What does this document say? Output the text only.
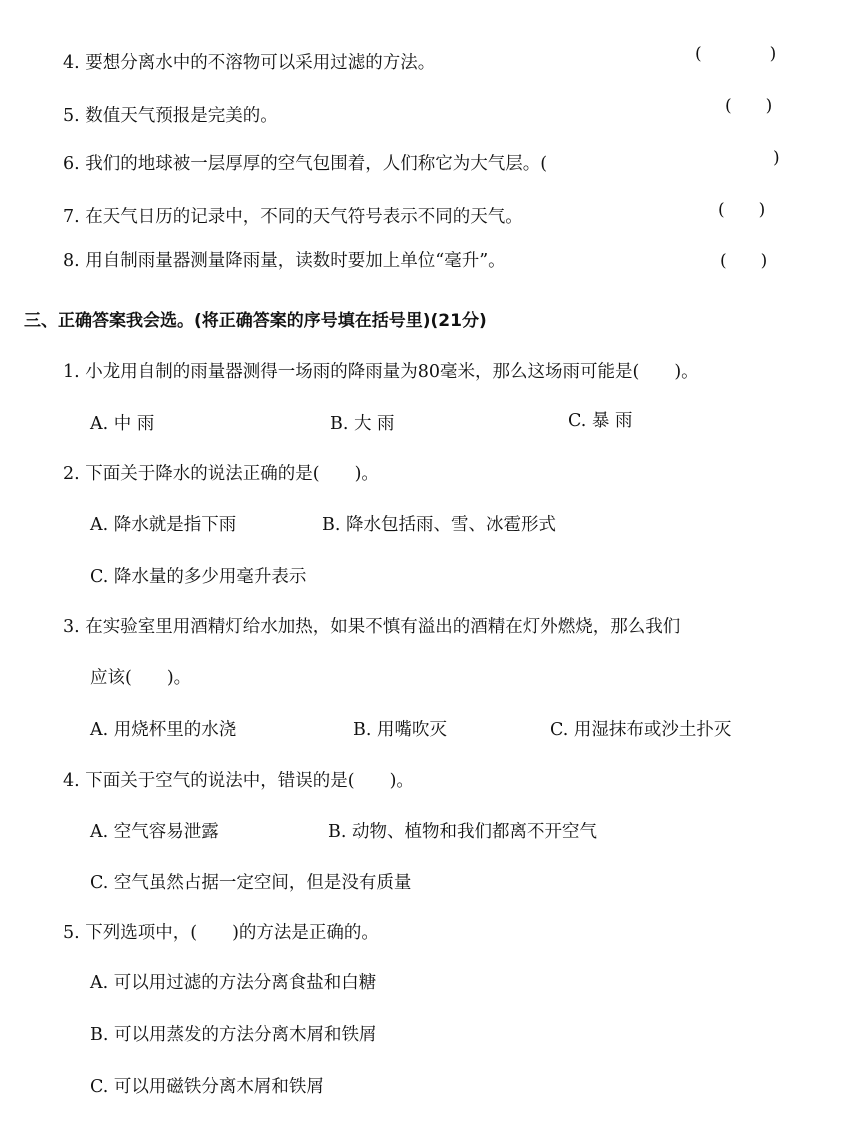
4. 要想分离水中的不溶物可以采用过滤的方法。	(　　　　)
5. 数值天气预报是完美的。	(　　)
6. 我们的地球被一层厚厚的空气包围着，人们称它为大气层。(	)
7. 在天气日历的记录中，不同的天气符号表示不同的天气。	(　　)
8. 用自制雨量器测量降雨量，读数时要加上单位“毫升”。	(　　)
三、正确答案我会选。(将正确答案的序号填在括号里)(21分)
1. 小龙用自制的雨量器测得一场雨的降雨量为80毫米，那么这场雨可能是(　　)。
A. 中 雨	B. 大 雨	C. 暴 雨
2. 下面关于降水的说法正确的是(　　)。
A. 降水就是指下雨	B. 降水包括雨、雪、冰雹形式
C. 降水量的多少用毫升表示
3. 在实验室里用酒精灯给水加热，如果不慎有溢出的酒精在灯外燃烧，那么我们
应该(　　)。
A. 用烧杯里的水浇	B. 用嘴吹灭	C. 用湿抹布或沙土扑灭
4. 下面关于空气的说法中，错误的是(　　)。
A. 空气容易泄露	B. 动物、植物和我们都离不开空气
C. 空气虽然占据一定空间，但是没有质量
5. 下列选项中，(　　)的方法是正确的。
A. 可以用过滤的方法分离食盐和白糖
B. 可以用蒸发的方法分离木屑和铁屑
C. 可以用磁铁分离木屑和铁屑
